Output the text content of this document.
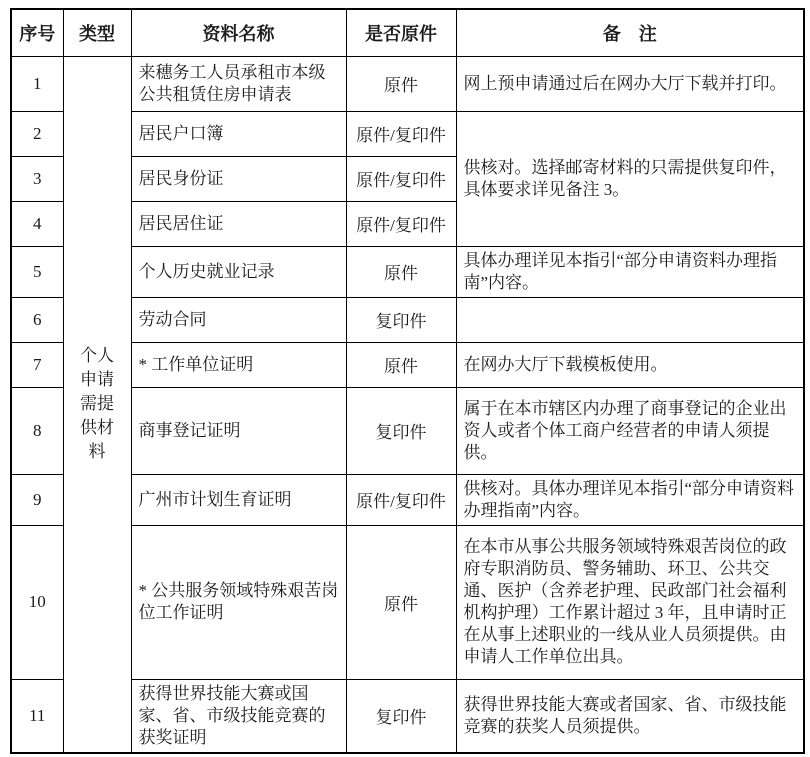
序号	类型	资料名称	是否原件	备　注
1	个人申请需提供材料	来穗务工人员承租市本级公共租赁住房申请表	原件	网上预申请通过后在网办大厅下载并打印。
2		居民户口簿	原件/复印件	供核对。选择邮寄材料的只需提供复印件，具体要求详见备注 3。
3		居民身份证	原件/复印件	
4		居民居住证	原件/复印件	
5		个人历史就业记录	原件	具体办理详见本指引“部分申请资料办理指南”内容。
6		劳动合同	复印件	
7		* 工作单位证明	原件	在网办大厅下载模板使用。
8		商事登记证明	复印件	属于在本市辖区内办理了商事登记的企业出资人或者个体工商户经营者的申请人须提供。
9		广州市计划生育证明	原件/复印件	供核对。具体办理详见本指引“部分申请资料办理指南”内容。
10		* 公共服务领域特殊艰苦岗位工作证明	原件	在本市从事公共服务领域特殊艰苦岗位的政府专职消防员、警务辅助、环卫、公共交通、医护（含养老护理、民政部门社会福利机构护理）工作累计超过 3 年，且申请时正在从事上述职业的一线从业人员须提供。由申请人工作单位出具。
11		获得世界技能大赛或国家、省、市级技能竞赛的获奖证明	复印件	获得世界技能大赛或者国家、省、市级技能竞赛的获奖人员须提供。
